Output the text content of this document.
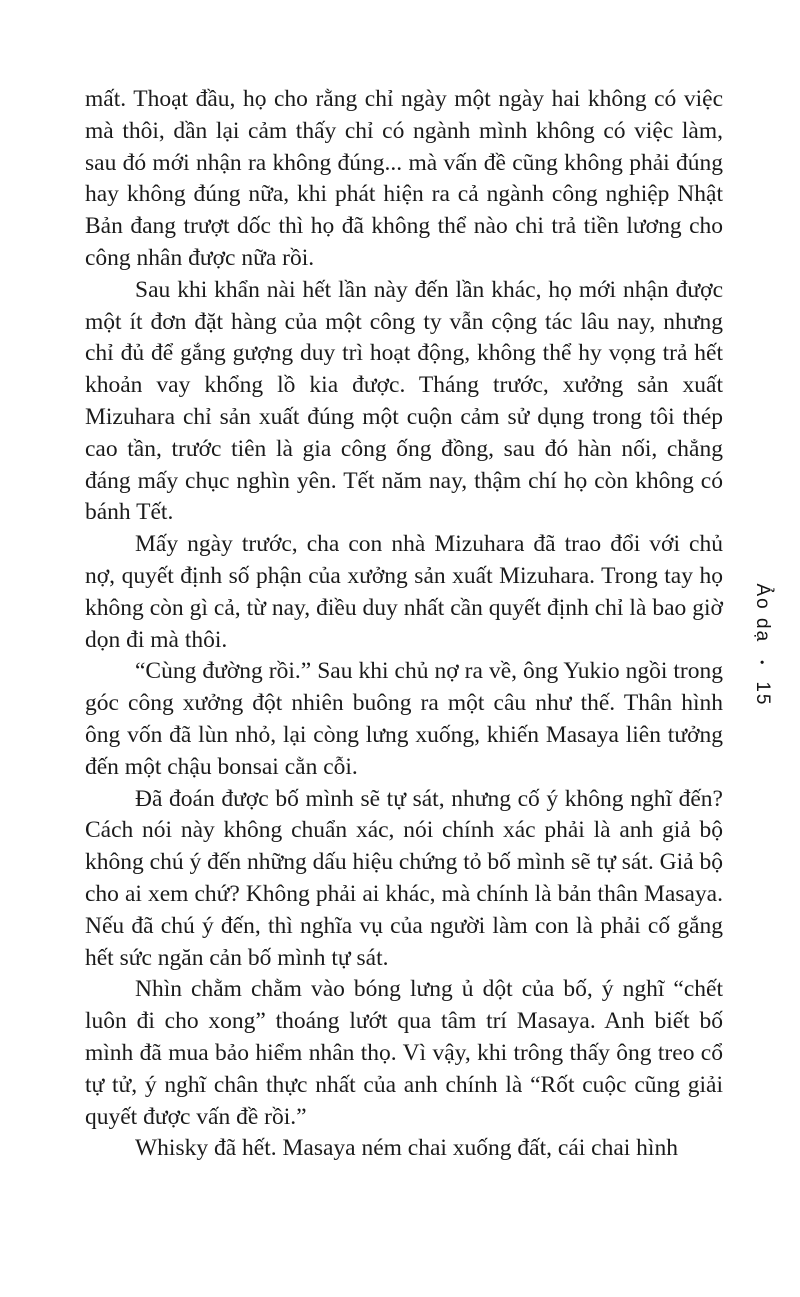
mất. Thoạt đầu, họ cho rằng chỉ ngày một ngày hai không có việc mà thôi, dần lại cảm thấy chỉ có ngành mình không có việc làm, sau đó mới nhận ra không đúng... mà vấn đề cũng không phải đúng hay không đúng nữa, khi phát hiện ra cả ngành công nghiệp Nhật Bản đang trượt dốc thì họ đã không thể nào chi trả tiền lương cho công nhân được nữa rồi.

Sau khi khẩn nài hết lần này đến lần khác, họ mới nhận được một ít đơn đặt hàng của một công ty vẫn cộng tác lâu nay, nhưng chỉ đủ để gắng gượng duy trì hoạt động, không thể hy vọng trả hết khoản vay khổng lồ kia được. Tháng trước, xưởng sản xuất Mizuhara chỉ sản xuất đúng một cuộn cảm sử dụng trong tôi thép cao tần, trước tiên là gia công ống đồng, sau đó hàn nối, chẳng đáng mấy chục nghìn yên. Tết năm nay, thậm chí họ còn không có bánh Tết.

Mấy ngày trước, cha con nhà Mizuhara đã trao đổi với chủ nợ, quyết định số phận của xưởng sản xuất Mizuhara. Trong tay họ không còn gì cả, từ nay, điều duy nhất cần quyết định chỉ là bao giờ dọn đi mà thôi.

“Cùng đường rồi.” Sau khi chủ nợ ra về, ông Yukio ngồi trong góc công xưởng đột nhiên buông ra một câu như thế. Thân hình ông vốn đã lùn nhỏ, lại còng lưng xuống, khiến Masaya liên tưởng đến một chậu bonsai cằn cỗi.

Đã đoán được bố mình sẽ tự sát, nhưng cố ý không nghĩ đến? Cách nói này không chuẩn xác, nói chính xác phải là anh giả bộ không chú ý đến những dấu hiệu chứng tỏ bố mình sẽ tự sát. Giả bộ cho ai xem chứ? Không phải ai khác, mà chính là bản thân Masaya. Nếu đã chú ý đến, thì nghĩa vụ của người làm con là phải cố gắng hết sức ngăn cản bố mình tự sát.

Nhìn chằm chằm vào bóng lưng ủ dột của bố, ý nghĩ “chết luôn đi cho xong” thoáng lướt qua tâm trí Masaya. Anh biết bố mình đã mua bảo hiểm nhân thọ. Vì vậy, khi trông thấy ông treo cổ tự tử, ý nghĩ chân thực nhất của anh chính là “Rốt cuộc cũng giải quyết được vấn đề rồi.”

Whisky đã hết. Masaya ném chai xuống đất, cái chai hình

Ảo dạ
•
15
